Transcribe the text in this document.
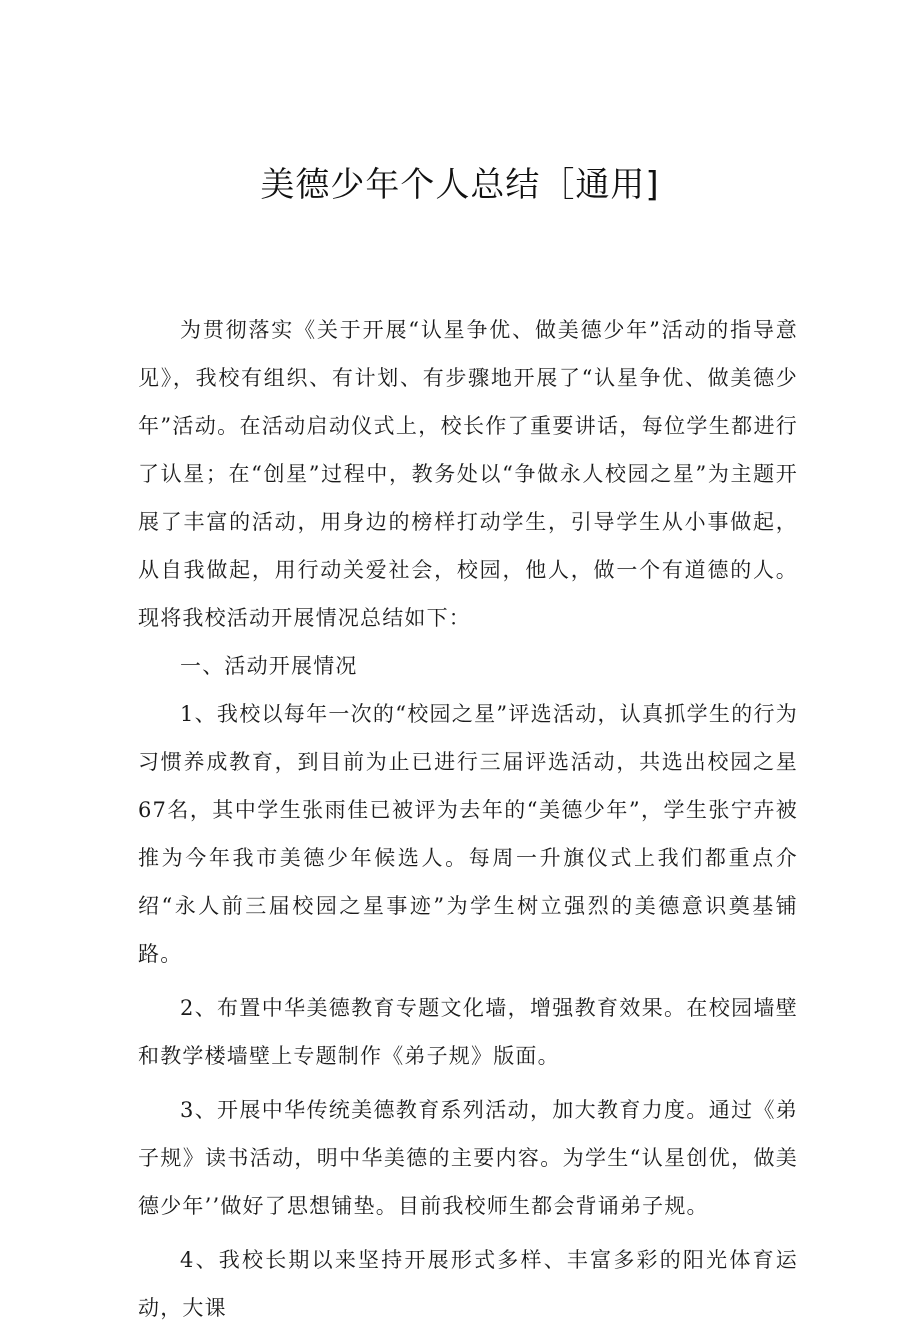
美德少年个人总结［通用]

为贯彻落实《关于开展“认星争优、做美德少年”活动的指导意见》，我校有组织、有计划、有步骤地开展了“认星争优、做美德少年”活动。在活动启动仪式上，校长作了重要讲话，每位学生都进行了认星；在“创星”过程中，教务处以“争做永人校园之星”为主题开展了丰富的活动，用身边的榜样打动学生，引导学生从小事做起，从自我做起，用行动关爱社会，校园，他人，做一个有道德的人。现将我校活动开展情况总结如下：

一、活动开展情况

1、我校以每年一次的“校园之星”评选活动，认真抓学生的行为习惯养成教育，到目前为止已进行三届评选活动，共选出校园之星67名，其中学生张雨佳已被评为去年的“美德少年”，学生张宁卉被推为今年我市美德少年候选人。每周一升旗仪式上我们都重点介绍“永人前三届校园之星事迹”为学生树立强烈的美德意识奠基铺路。

2、布置中华美德教育专题文化墙，增强教育效果。在校园墙壁和教学楼墙壁上专题制作《弟子规》版面。

3、开展中华传统美德教育系列活动，加大教育力度。通过《弟子规》读书活动，明中华美德的主要内容。为学生“认星创优，做美德少年’’做好了思想铺垫。目前我校师生都会背诵弟子规。

4、我校长期以来坚持开展形式多样、丰富多彩的阳光体育运动，大课
